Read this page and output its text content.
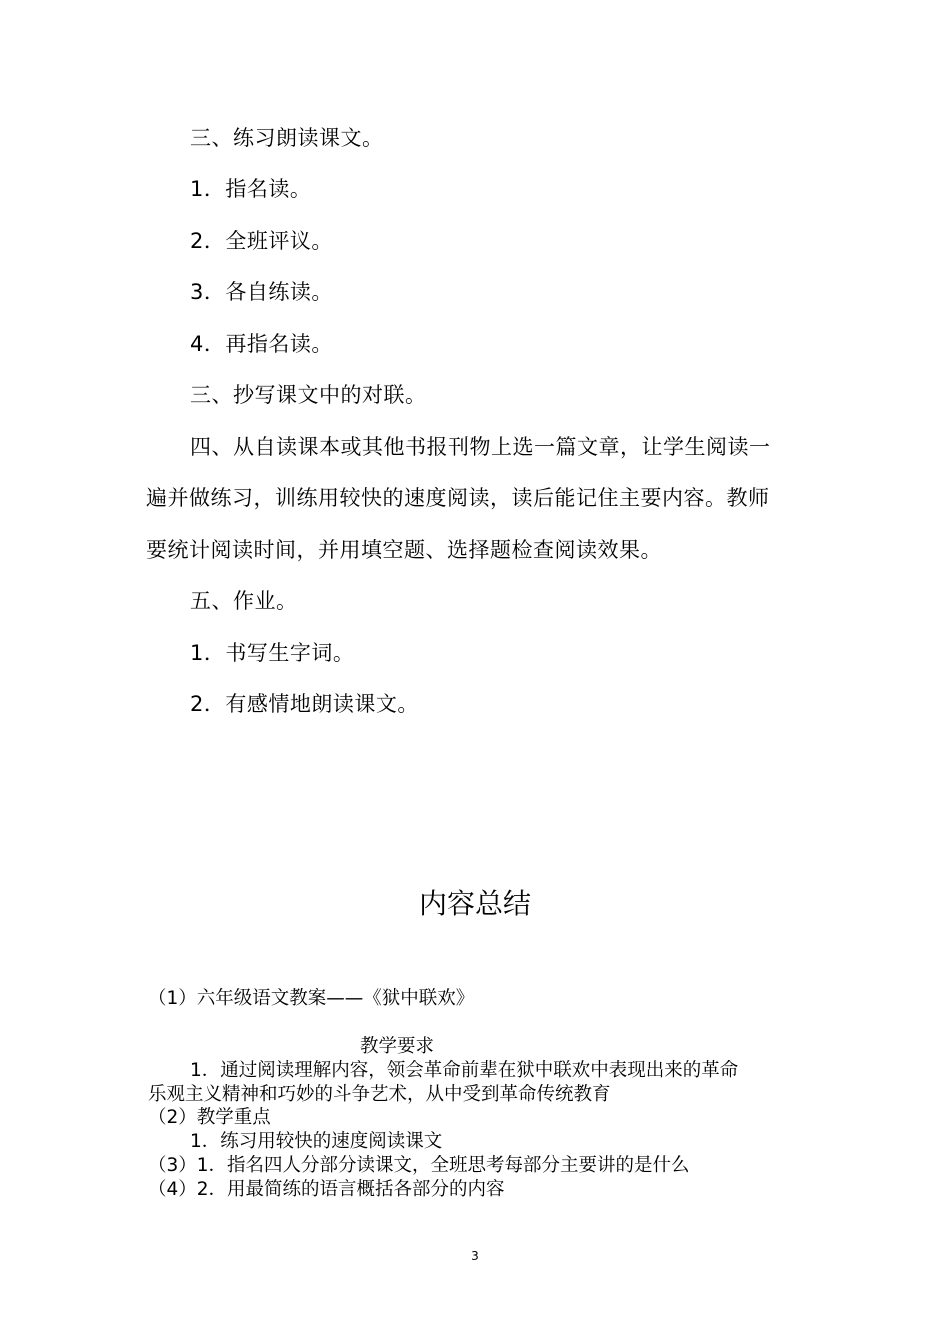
三、练习朗读课文。
1．指名读。
2．全班评议。
3．各自练读。
4．再指名读。
三、抄写课文中的对联。
四、从自读课本或其他书报刊物上选一篇文章，让学生阅读一
遍并做练习，训练用较快的速度阅读，读后能记住主要内容。教师
要统计阅读时间，并用填空题、选择题检查阅读效果。
五、作业。
1．书写生字词。
2．有感情地朗读课文。
内容总结
（1）六年级语文教案——《狱中联欢》
教学要求
1．通过阅读理解内容，领会革命前辈在狱中联欢中表现出来的革命
乐观主义精神和巧妙的斗争艺术，从中受到革命传统教育
（2）教学重点
1．练习用较快的速度阅读课文
（3）1．指名四人分部分读课文，全班思考每部分主要讲的是什么
（4）2．用最简练的语言概括各部分的内容
3
